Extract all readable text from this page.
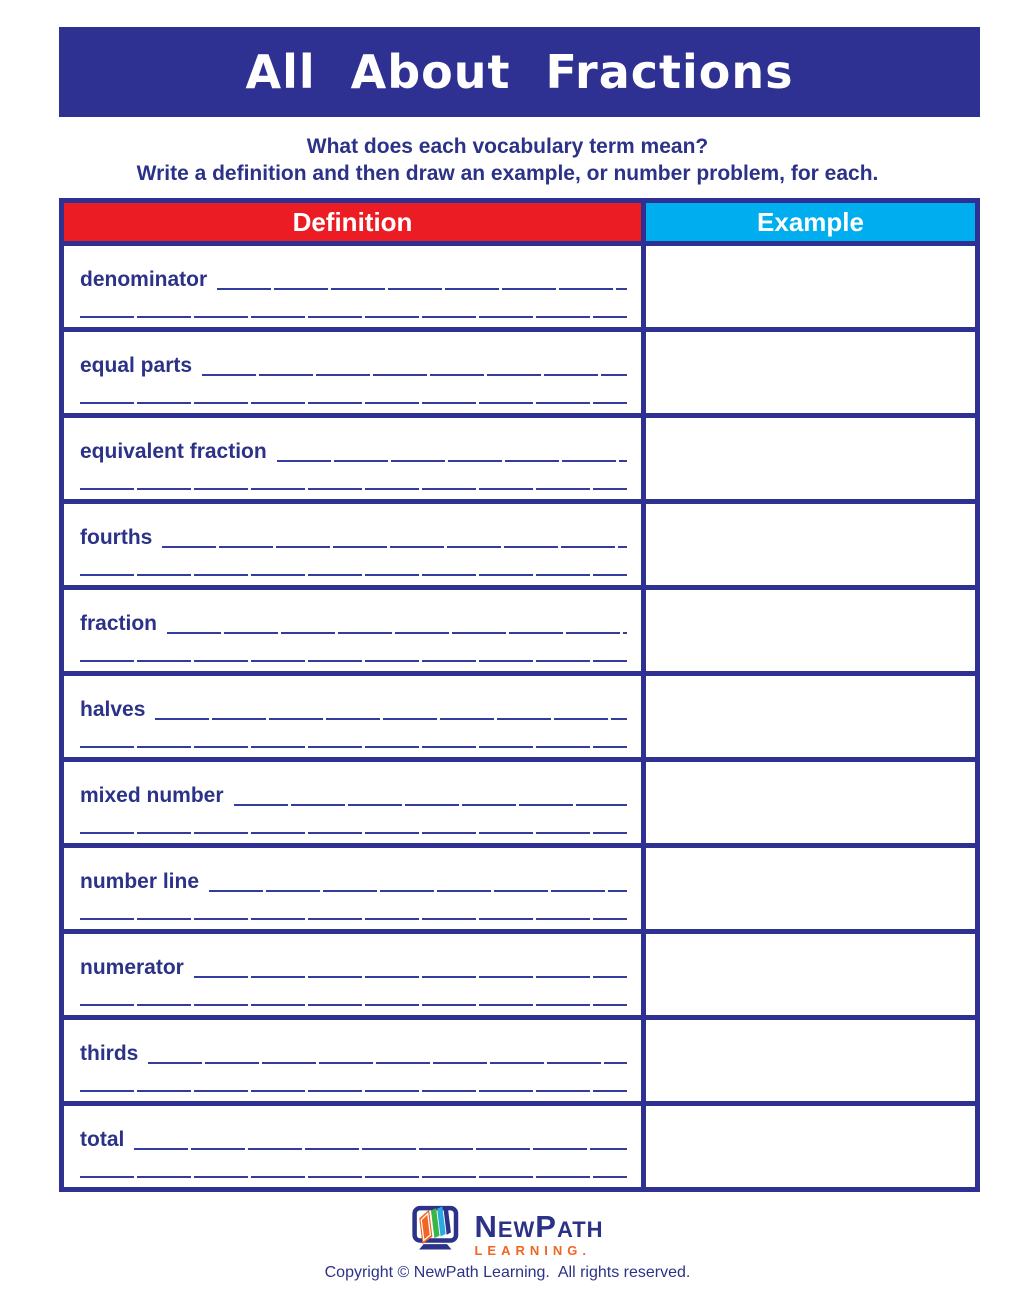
All About Fractions
What does each vocabulary term mean?
Write a definition and then draw an example, or number problem, for each.
Definition	Example
denominator
equal parts
equivalent fraction
fourths
fraction
halves
mixed number
number line
numerator
thirds
total
NewPath
LEARNING.
Copyright © NewPath Learning.  All rights reserved.
